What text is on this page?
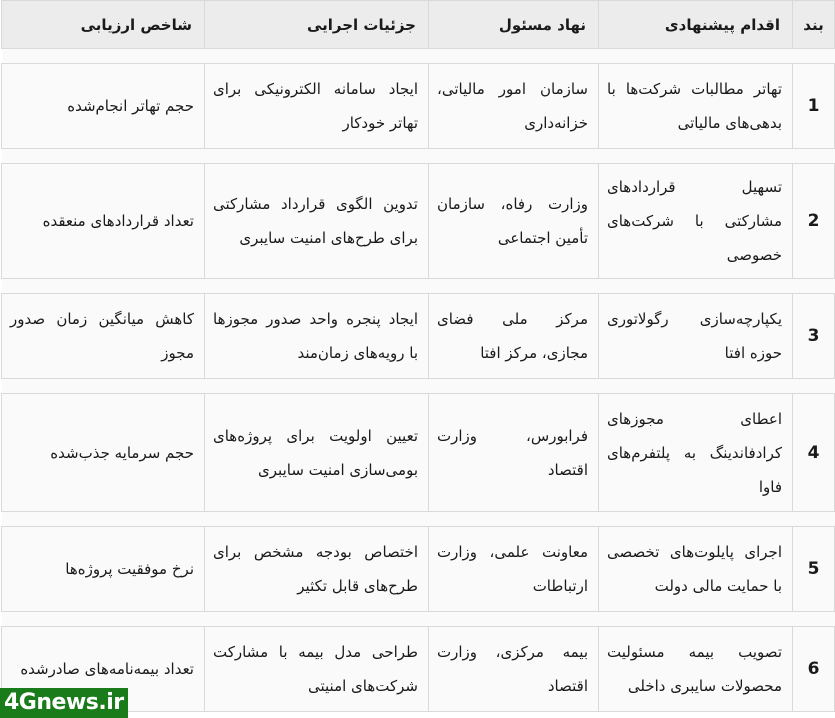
بند	اقدام پیشنهادی	نهاد مسئول	جزئیات اجرایی	شاخص ارزیابی

1	تهاتر مطالبات شرکت‌ها با بدهی‌های مالیاتی	سازمان امور مالیاتی، خزانه‌داری	ایجاد سامانه الکترونیکی برای تهاتر خودکار	حجم تهاتر انجام‌شده

2	تسهیل قراردادهای مشارکتی با شرکت‌های خصوصی	وزارت رفاه، سازمان تأمین اجتماعی	تدوین الگوی قرارداد مشارکتی برای طرح‌های امنیت سایبری	تعداد قراردادهای منعقده

3	یکپارچه‌سازی رگولاتوری حوزه افتا	مرکز ملی فضای مجازی، مرکز افتا	ایجاد پنجره واحد صدور مجوزها با رویه‌های زمان‌مند	کاهش میانگین زمان صدور مجوز

4	اعطای مجوزهای کرادفاندینگ به پلتفرم‌های فاوا	فرابورس، وزارت اقتصاد	تعیین اولویت برای پروژه‌های بومی‌سازی امنیت سایبری	حجم سرمایه جذب‌شده

5	اجرای پایلوت‌های تخصصی با حمایت مالی دولت	معاونت علمی، وزارت ارتباطات	اختصاص بودجه مشخص برای طرح‌های قابل تکثیر	نرخ موفقیت پروژه‌ها

6	تصویب بیمه مسئولیت محصولات سایبری داخلی	بیمه مرکزی، وزارت اقتصاد	طراحی مدل بیمه با مشارکت شرکت‌های امنیتی	تعداد بیمه‌نامه‌های صادرشده
4Gnews.ir
